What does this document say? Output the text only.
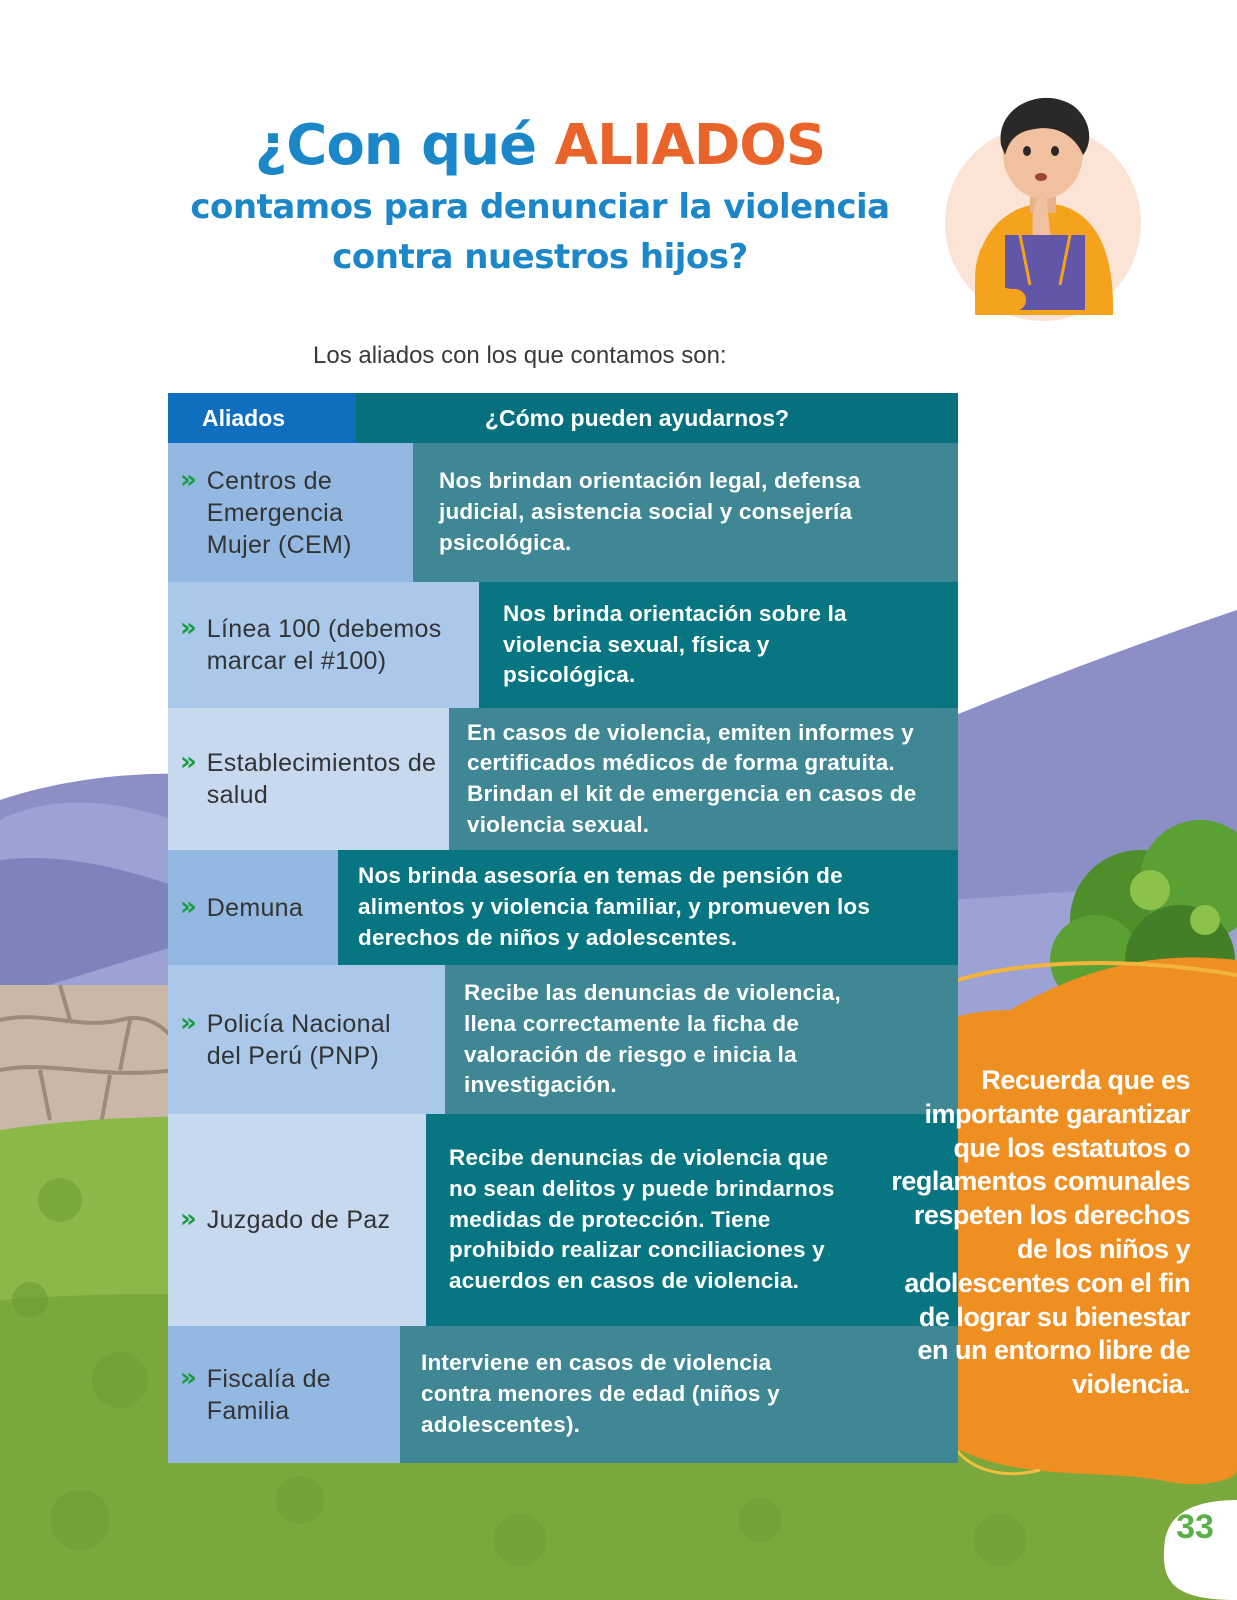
¿Con qué ALIADOS
contamos para denunciar la violencia
contra nuestros hijos?
Los aliados con los que contamos son:
Aliados	¿Cómo pueden ayudarnos?
» Centros de Emergencia Mujer (CEM)
Nos brindan orientación legal, defensa judicial, asistencia social y consejería psicológica.
» Línea 100 (debemos marcar el #100)
Nos brinda orientación sobre la violencia sexual, física y psicológica.
» Establecimientos de salud
En casos de violencia, emiten informes y certificados médicos de forma gratuita. Brindan el kit de emergencia en casos de violencia sexual.
» Demuna
Nos brinda asesoría en temas de pensión de alimentos y violencia familiar, y promueven los derechos de niños y adolescentes.
» Policía Nacional del Perú (PNP)
Recibe las denuncias de violencia, llena correctamente la ficha de valoración de riesgo e inicia la investigación.
» Juzgado de Paz
Recibe denuncias de violencia que no sean delitos y puede brindarnos medidas de protección. Tiene prohibido realizar conciliaciones y acuerdos en casos de violencia.
» Fiscalía de Familia
Interviene en casos de violencia contra menores de edad (niños y adolescentes).
Recuerda que es importante garantizar que los estatutos o reglamentos comunales respeten los derechos de los niños y adolescentes con el fin de lograr su bienestar en un entorno libre de violencia.
33
